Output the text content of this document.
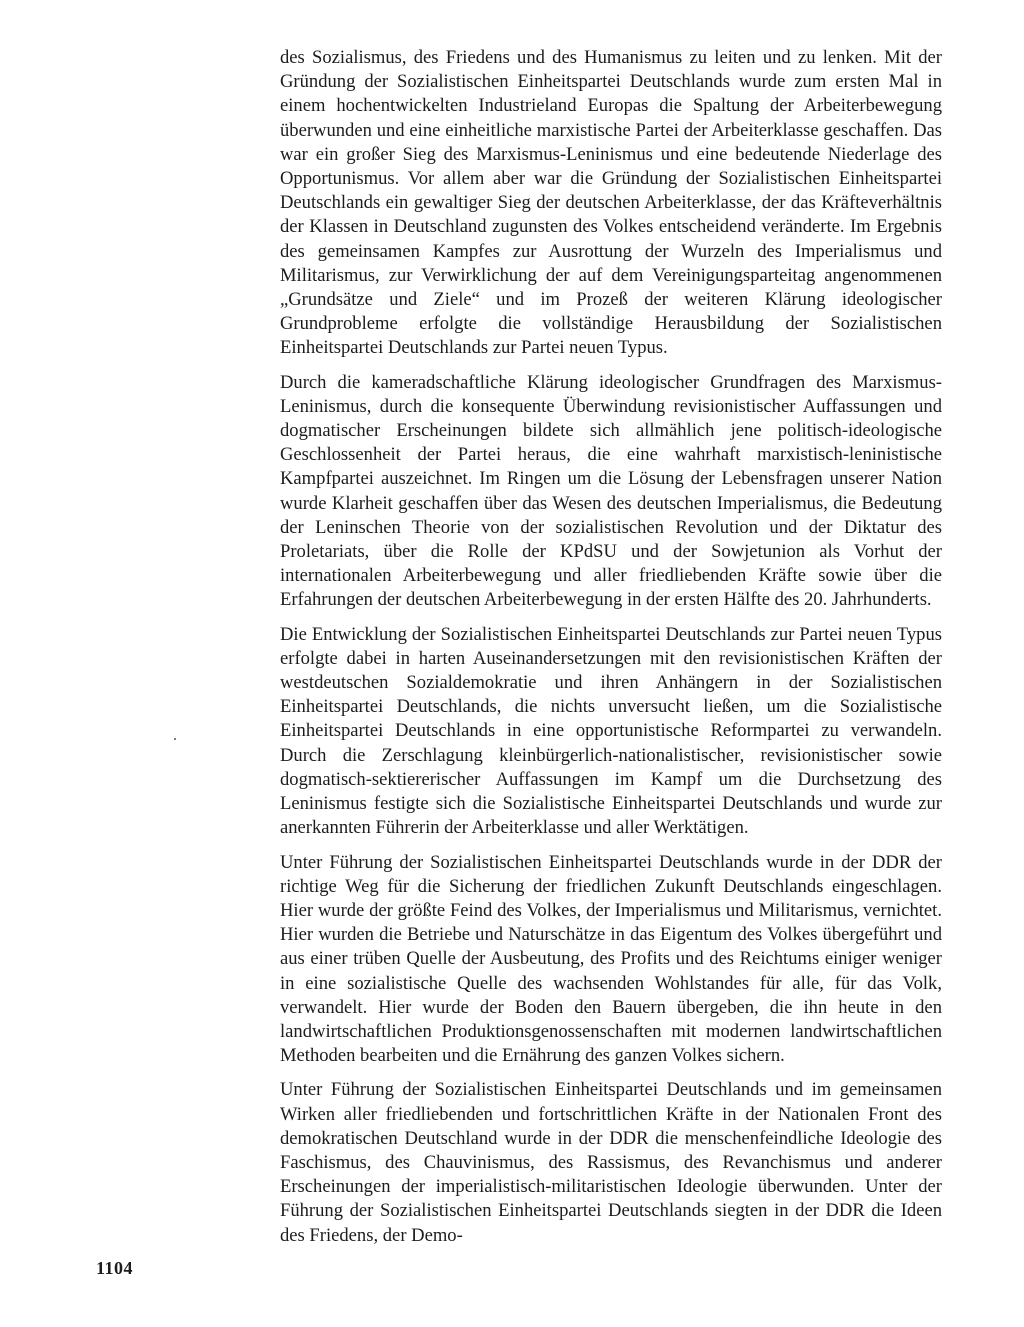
des Sozialismus, des Friedens und des Humanismus zu leiten und zu lenken. Mit der Gründung der Sozialistischen Einheitspartei Deutschlands wurde zum ersten Mal in einem hochentwickelten Industrieland Europas die Spaltung der Arbeiterbewegung überwunden und eine einheitliche marxistische Partei der Arbeiterklasse geschaffen. Das war ein großer Sieg des Marxismus-Leninismus und eine bedeutende Niederlage des Opportunismus. Vor allem aber war die Gründung der Sozialistischen Einheitspartei Deutschlands ein gewaltiger Sieg der deutschen Arbeiterklasse, der das Kräfteverhältnis der Klassen in Deutschland zugunsten des Volkes entscheidend veränderte. Im Ergebnis des gemeinsamen Kampfes zur Ausrottung der Wurzeln des Imperialismus und Militarismus, zur Verwirklichung der auf dem Vereinigungsparteitag angenommenen „Grundsätze und Ziele“ und im Prozeß der weiteren Klärung ideologischer Grundprobleme erfolgte die vollständige Herausbildung der Sozialistischen Einheitspartei Deutschlands zur Partei neuen Typus.

Durch die kameradschaftliche Klärung ideologischer Grundfragen des Marxismus-Leninismus, durch die konsequente Überwindung revisionistischer Auffassungen und dogmatischer Erscheinungen bildete sich allmählich jene politisch-ideologische Geschlossenheit der Partei heraus, die eine wahrhaft marxistisch-leninistische Kampfpartei auszeichnet. Im Ringen um die Lösung der Lebensfragen unserer Nation wurde Klarheit geschaffen über das Wesen des deutschen Imperialismus, die Bedeutung der Leninschen Theorie von der sozialistischen Revolution und der Diktatur des Proletariats, über die Rolle der KPdSU und der Sowjetunion als Vorhut der internationalen Arbeiterbewegung und aller friedliebenden Kräfte sowie über die Erfahrungen der deutschen Arbeiterbewegung in der ersten Hälfte des 20. Jahrhunderts.

Die Entwicklung der Sozialistischen Einheitspartei Deutschlands zur Partei neuen Typus erfolgte dabei in harten Auseinandersetzungen mit den revisionistischen Kräften der westdeutschen Sozialdemokratie und ihren Anhängern in der Sozialistischen Einheitspartei Deutschlands, die nichts unversucht ließen, um die Sozialistische Einheitspartei Deutschlands in eine opportunistische Reformpartei zu verwandeln. Durch die Zerschlagung kleinbürgerlich-nationalistischer, revisionistischer sowie dogmatisch-sektiererischer Auffassungen im Kampf um die Durchsetzung des Leninismus festigte sich die Sozialistische Einheitspartei Deutschlands und wurde zur anerkannten Führerin der Arbeiterklasse und aller Werktätigen.

Unter Führung der Sozialistischen Einheitspartei Deutschlands wurde in der DDR der richtige Weg für die Sicherung der friedlichen Zukunft Deutschlands eingeschlagen. Hier wurde der größte Feind des Volkes, der Imperialismus und Militarismus, vernichtet. Hier wurden die Betriebe und Naturschätze in das Eigentum des Volkes übergeführt und aus einer trüben Quelle der Ausbeutung, des Profits und des Reichtums einiger weniger in eine sozialistische Quelle des wachsenden Wohlstandes für alle, für das Volk, verwandelt. Hier wurde der Boden den Bauern übergeben, die ihn heute in den landwirtschaftlichen Produktionsgenossenschaften mit modernen landwirtschaftlichen Methoden bearbeiten und die Ernährung des ganzen Volkes sichern.

Unter Führung der Sozialistischen Einheitspartei Deutschlands und im gemeinsamen Wirken aller friedliebenden und fortschrittlichen Kräfte in der Nationalen Front des demokratischen Deutschland wurde in der DDR die menschenfeindliche Ideologie des Faschismus, des Chauvinismus, des Rassismus, des Revanchismus und anderer Erscheinungen der imperialistisch-militaristischen Ideologie überwunden. Unter der Führung der Sozialistischen Einheitspartei Deutschlands siegten in der DDR die Ideen des Friedens, der Demo-

1104
